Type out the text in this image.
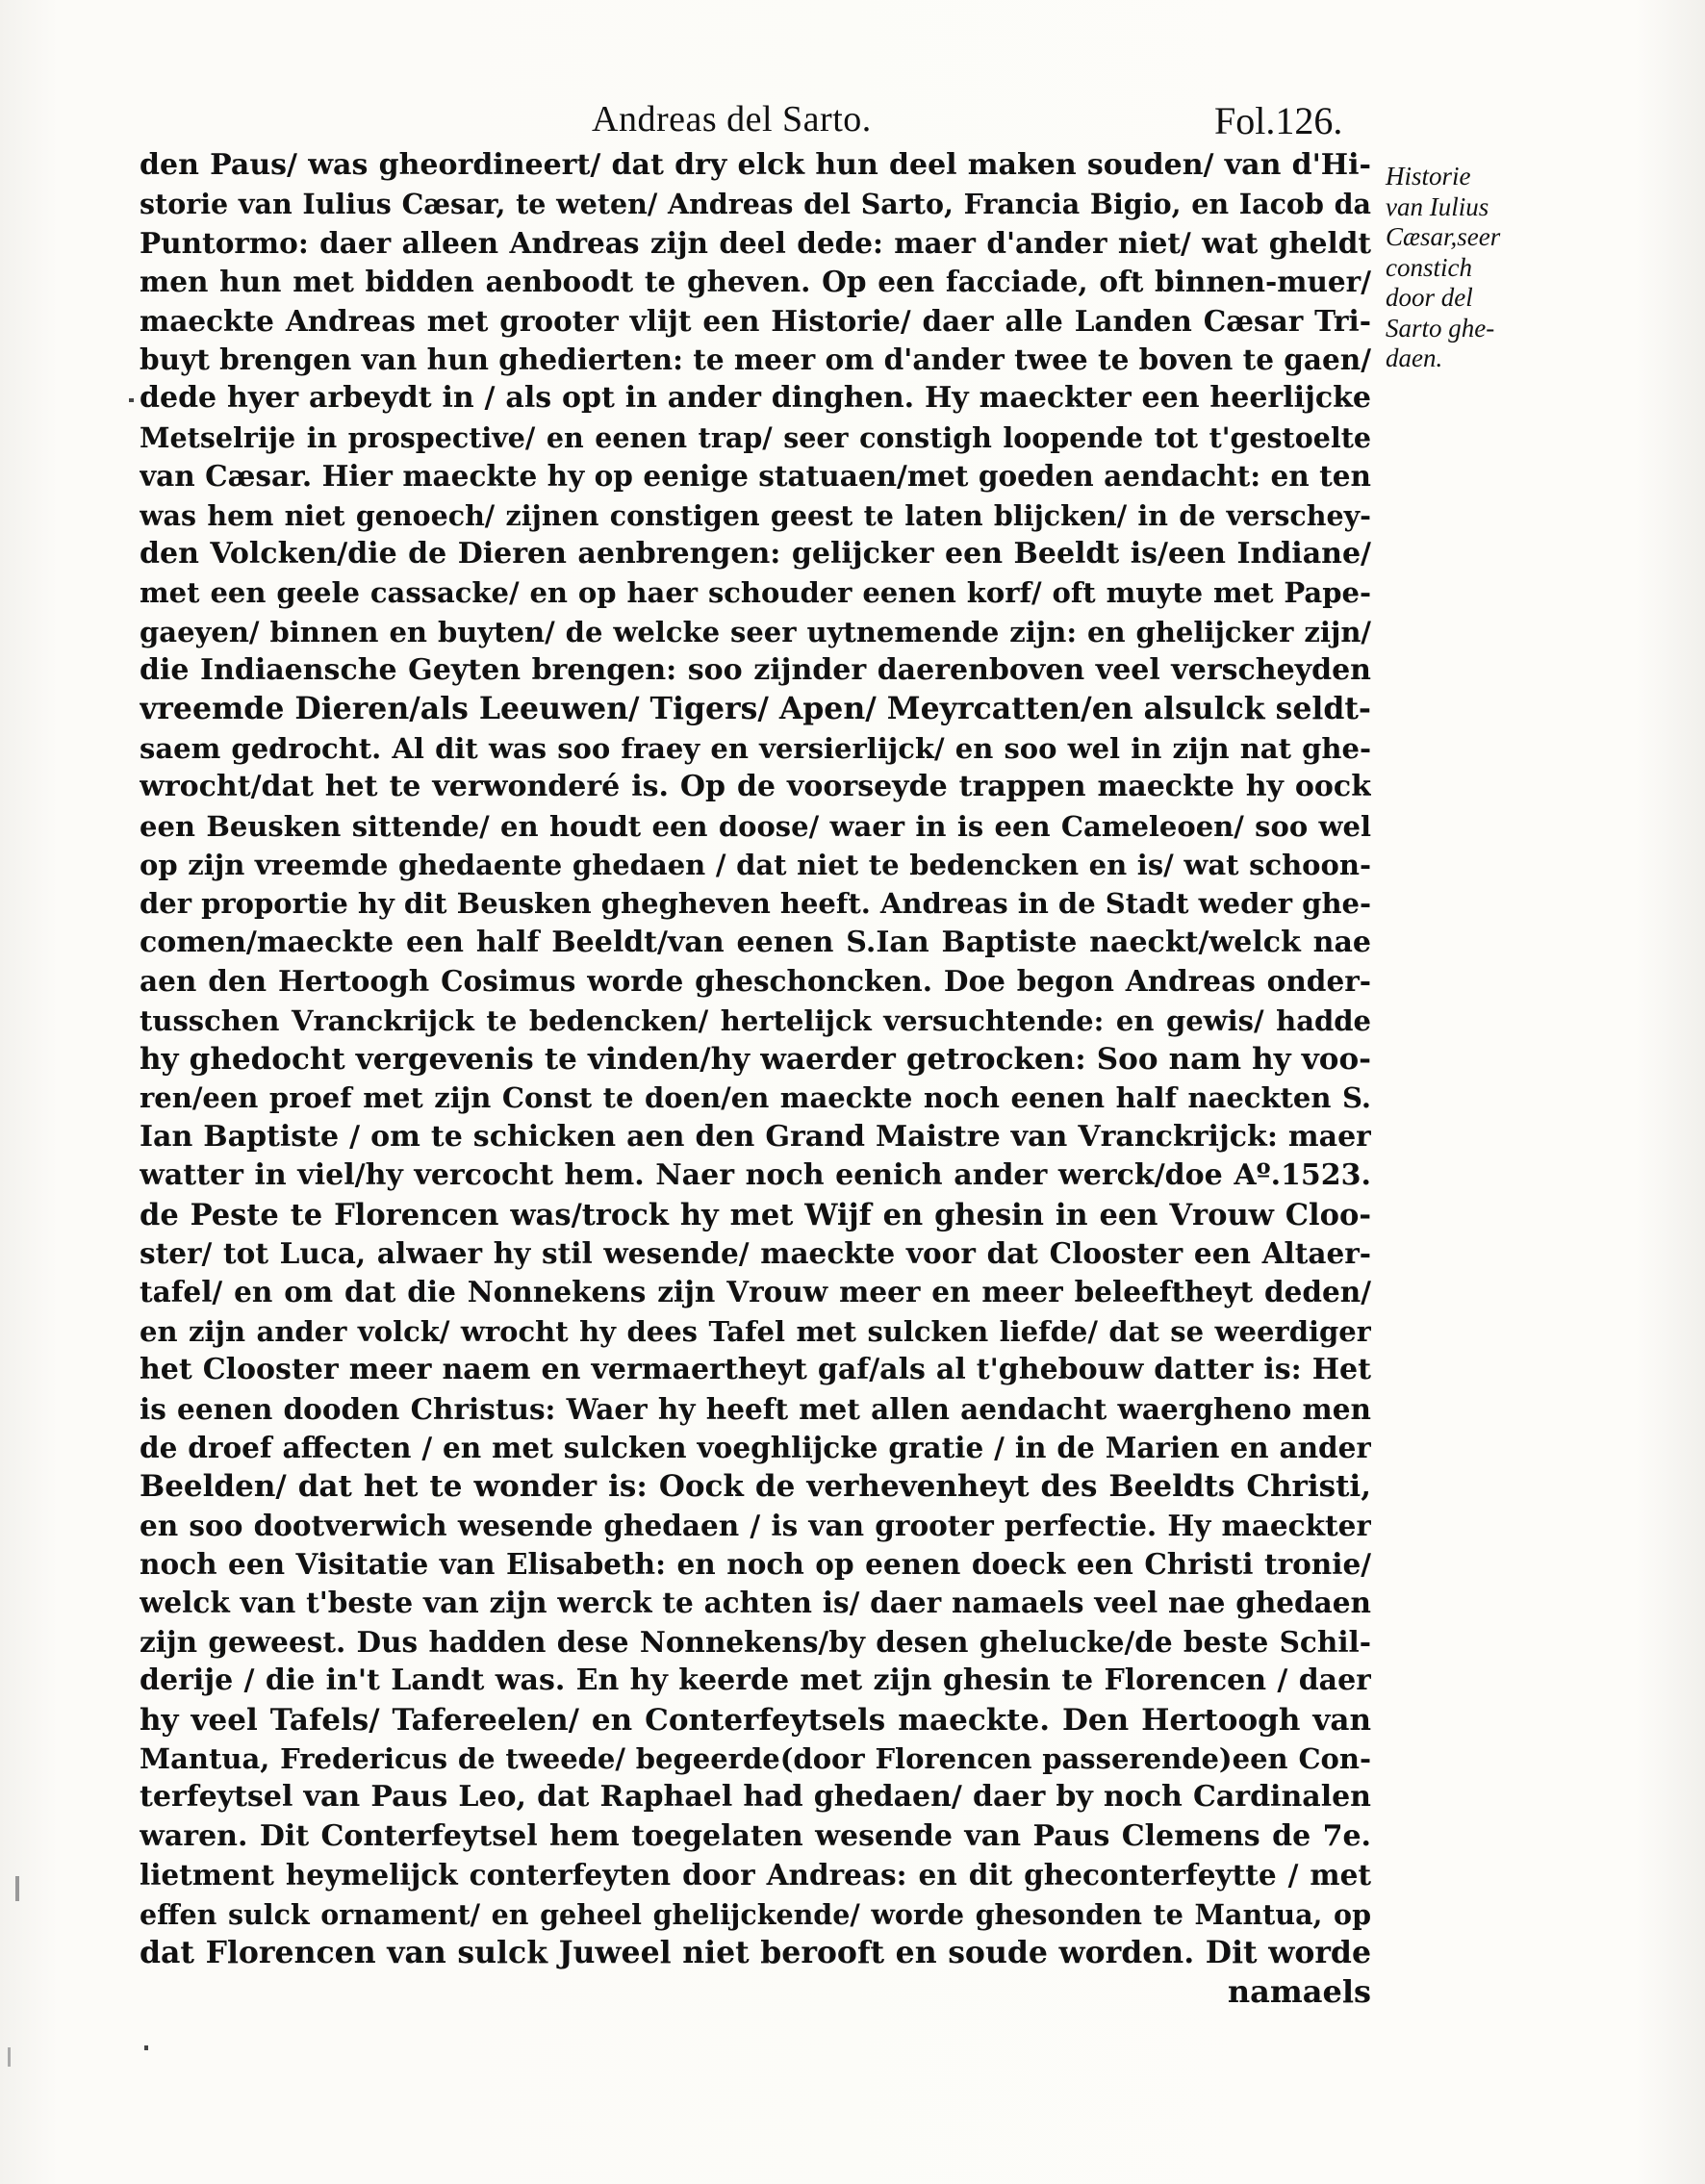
Andreas del Sarto.	Fol.126.
den Paus/ was gheordineert/ dat dry elck hun deel maken souden/ van d'Hi-
storie van Iulius Cæsar, te weten/ Andreas del Sarto, Francia Bigio, en Iacob da
Puntormo: daer alleen Andreas zijn deel dede: maer d'ander niet/ wat gheldt
men hun met bidden aenboodt te gheven. Op een facciade, oft binnen-muer/
maeckte Andreas met grooter vlijt een Historie/ daer alle Landen Cæsar Tri-
buyt brengen van hun ghedierten: te meer om d'ander twee te boven te gaen/
dede hyer arbeydt in / als opt in ander dinghen. Hy maeckter een heerlijcke
Metselrije in prospective/ en eenen trap/ seer constigh loopende tot t'gestoelte
van Cæsar. Hier maeckte hy op eenige statuaen/met goeden aendacht: en ten
was hem niet genoech/ zijnen constigen geest te laten blijcken/ in de verschey-
den Volcken/die de Dieren aenbrengen: gelijcker een Beeldt is/een Indiane/
met een geele cassacke/ en op haer schouder eenen korf/ oft muyte met Pape-
gaeyen/ binnen en buyten/ de welcke seer uytnemende zijn: en ghelijcker zijn/
die Indiaensche Geyten brengen: soo zijnder daerenboven veel verscheyden
vreemde Dieren/als Leeuwen/ Tigers/ Apen/ Meyrcatten/en alsulck seldt-
saem gedrocht. Al dit was soo fraey en versierlijck/ en soo wel in zijn nat ghe-
wrocht/dat het te verwonderé is. Op de voorseyde trappen maeckte hy oock
een Beusken sittende/ en houdt een doose/ waer in is een Cameleoen/ soo wel
op zijn vreemde ghedaente ghedaen / dat niet te bedencken en is/ wat schoon-
der proportie hy dit Beusken ghegheven heeft. Andreas in de Stadt weder ghe-
comen/maeckte een half Beeldt/van eenen S.Ian Baptiste naeckt/welck nae
aen den Hertoogh Cosimus worde gheschoncken. Doe begon Andreas onder-
tusschen Vranckrijck te bedencken/ hertelijck versuchtende: en gewis/ hadde
hy ghedocht vergevenis te vinden/hy waerder getrocken: Soo nam hy voo-
ren/een proef met zijn Const te doen/en maeckte noch eenen half naeckten S.
Ian Baptiste / om te schicken aen den Grand Maistre van Vranckrijck: maer
watter in viel/hy vercocht hem. Naer noch eenich ander werck/doe Aº.1523.
de Peste te Florencen was/trock hy met Wijf en ghesin in een Vrouw Cloo-
ster/ tot Luca, alwaer hy stil wesende/ maeckte voor dat Clooster een Altaer-
tafel/ en om dat die Nonnekens zijn Vrouw meer en meer beleefthеyt deden/
en zijn ander volck/ wrocht hy dees Tafel met sulcken liefde/ dat se weerdiger
het Clooster meer naem en vermaertheyt gaf/als al t'ghebouw datter is: Het
is eenen dooden Christus: Waer hy heeft met allen aendacht waergheno men
de droef affecten / en met sulcken voeghlijcke gratie / in de Marien en ander
Beelden/ dat het te wonder is: Oock de verhevenheyt des Beeldts Christi,
en soo dootverwich wesende ghedaen / is van grooter perfectie. Hy maeckter
noch een Visitatie van Elisabeth: en noch op eenen doeck een Christi tronie/
welck van t'beste van zijn werck te achten is/ daer namaels veel nae ghedaen
zijn geweest. Dus hadden dese Nonnekens/by desen ghelucke/de beste Schil-
derije / die in't Landt was. En hy keerde met zijn ghesin te Florencen / daer
hy veel Tafels/ Tafereelen/ en Conterfeytsels maeckte. Den Hertoogh van
Mantua, Fredericus de tweede/ begeerde(door Florencen passerende)een Con-
terfeytsel van Paus Leo, dat Raphael had ghedaen/ daer by noch Cardinalen
waren. Dit Conterfeytsel hem toegelaten wesende van Paus Clemens de 7e.
lietment heymelijck conterfeyten door Andreas: en dit gheconterfeytte / met
effen sulck ornament/ en geheel ghelijckende/ worde ghesonden te Mantua, op
dat Florencen van sulck Juweel niet berooft en soude worden. Dit worde
namaels
Historie
van Iulius
Cæsar,seer
constich
door del
Sarto ghe-
daen.
